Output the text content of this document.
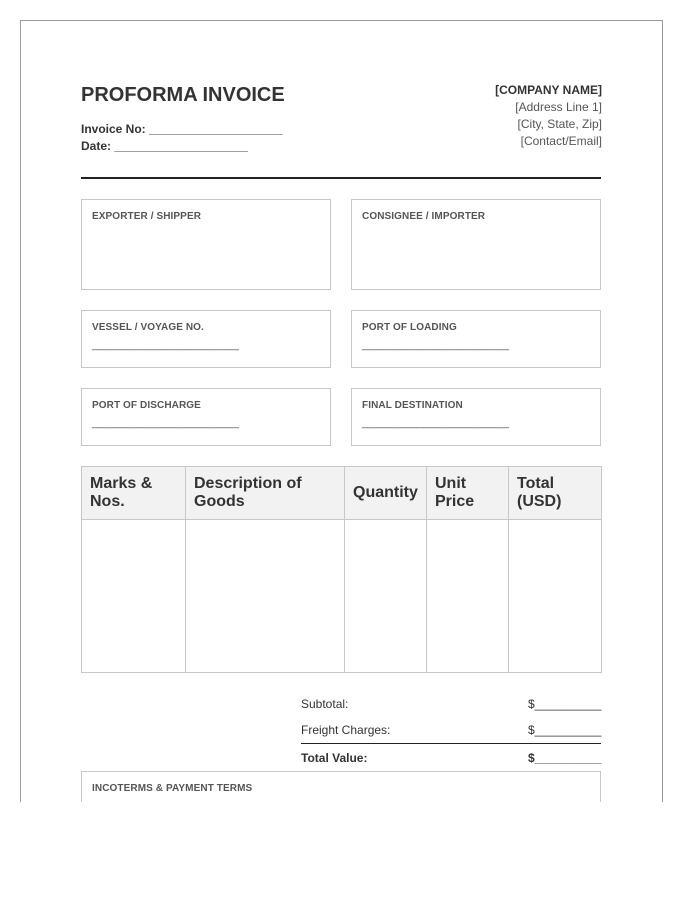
PROFORMA INVOICE
Invoice No: ____________________
Date: ____________________
[COMPANY NAME]
[Address Line 1]
[City, State, Zip]
[Contact/Email]
EXPORTER / SHIPPER	CONSIGNEE / IMPORTER
VESSEL / VOYAGE NO.
________________________
PORT OF LOADING
________________________
PORT OF DISCHARGE
________________________
FINAL DESTINATION
________________________
Marks & Nos.	Description of Goods	Quantity	Unit Price	Total (USD)

Subtotal:	$__________
Freight Charges:	$__________
Total Value:	$__________
INCOTERMS & PAYMENT TERMS
